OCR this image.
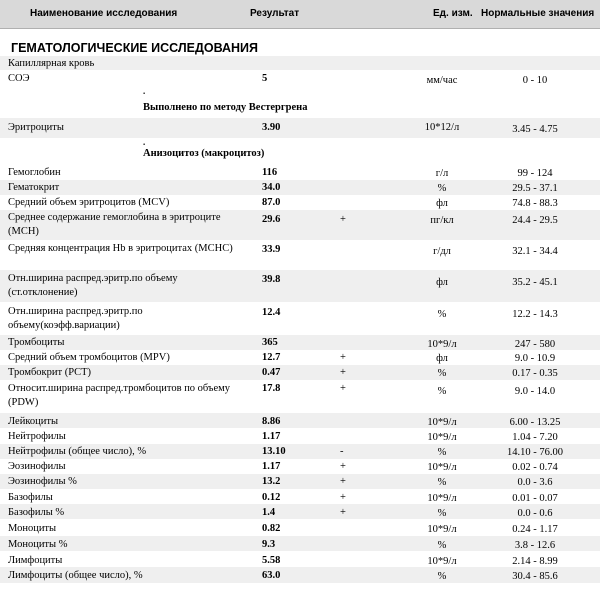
Наименование исследования	Результат	Ед. изм. Нормальные значения
ГЕМАТОЛОГИЧЕСКИЕ ИССЛЕДОВАНИЯ
Капиллярная кровь
СОЭ	5	мм/час	0 - 10
.
Выполнено по методу Вестергрена
Эритроциты	3.90	10*12/л	3.45 - 4.75
.
Анизоцитоз (макроцитоз)
Гемоглобин	116	г/л	99 - 124
Гематокрит	34.0	%	29.5 - 37.1
Средний объем эритроцитов (MCV)	87.0	фл	74.8 - 88.3
Среднее содержание гемоглобина в эритроците (MCH)
29.6	+	пг/кл	24.4 - 29.5
Средняя концентрация Hb в эритроцитах (MCHC)	33.9	г/дл	32.1 - 34.4
Отн.ширина распред.эритр.по объему (ст.отклонение)
39.8	фл	35.2 - 45.1
Отн.ширина распред.эритр.по объему(коэфф.вариации)
12.4	%	12.2 - 14.3
Тромбоциты	365	10*9/л	247 - 580
Средний объем тромбоцитов (MPV)	12.7	+	фл	9.0 - 10.9
Тромбокрит (PCT)	0.47	+	%	0.17 - 0.35
Относит.ширина распред.тромбоцитов по объему (PDW)
17.8	+	%	9.0 - 14.0
Лейкоциты	8.86	10*9/л	6.00 - 13.25
Нейтрофилы	1.17	10*9/л	1.04 - 7.20
Нейтрофилы (общее число), %	13.10	-	%	14.10 - 76.00
Эозинофилы	1.17	+	10*9/л	0.02 - 0.74
Эозинофилы %	13.2	+	%	0.0 - 3.6
Базофилы	0.12	+	10*9/л	0.01 - 0.07
Базофилы %	1.4	+	%	0.0 - 0.6
Моноциты	0.82	10*9/л	0.24 - 1.17
Моноциты %	9.3	%	3.8 - 12.6
Лимфоциты	5.58	10*9/л	2.14 - 8.99
Лимфоциты (общее число), %	63.0	%	30.4 - 85.6
